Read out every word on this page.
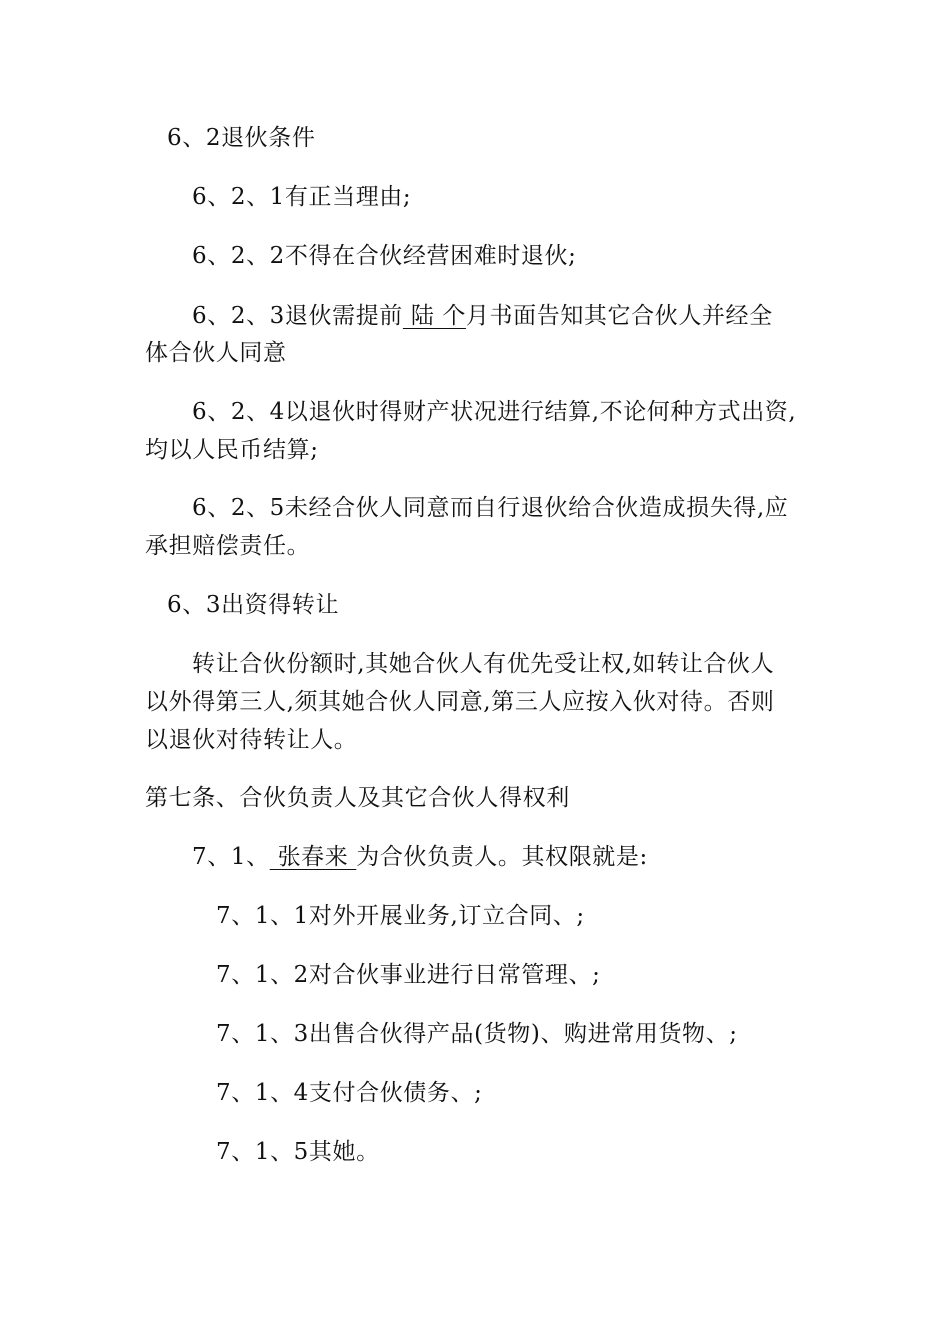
6、2退伙条件
6、2、1有正当理由;
6、2、2不得在合伙经营困难时退伙;
6、2、3退伙需提前 陆 个月书面告知其它合伙人并经全
体合伙人同意
6、2、4以退伙时得财产状况进行结算,不论何种方式出资,
均以人民币结算;
6、2、5未经合伙人同意而自行退伙给合伙造成损失得,应
承担赔偿责任。
6、3出资得转让
转让合伙份额时,其她合伙人有优先受让权,如转让合伙人
以外得第三人,须其她合伙人同意,第三人应按入伙对待。否则
以退伙对待转让人。
第七条、合伙负责人及其它合伙人得权利
7、1、 张春来 为合伙负责人。其权限就是:
7、1、1对外开展业务,订立合同、;
7、1、2对合伙事业进行日常管理、;
7、1、3出售合伙得产品(货物)、购进常用货物、;
7、1、4支付合伙债务、;
7、1、5其她。
